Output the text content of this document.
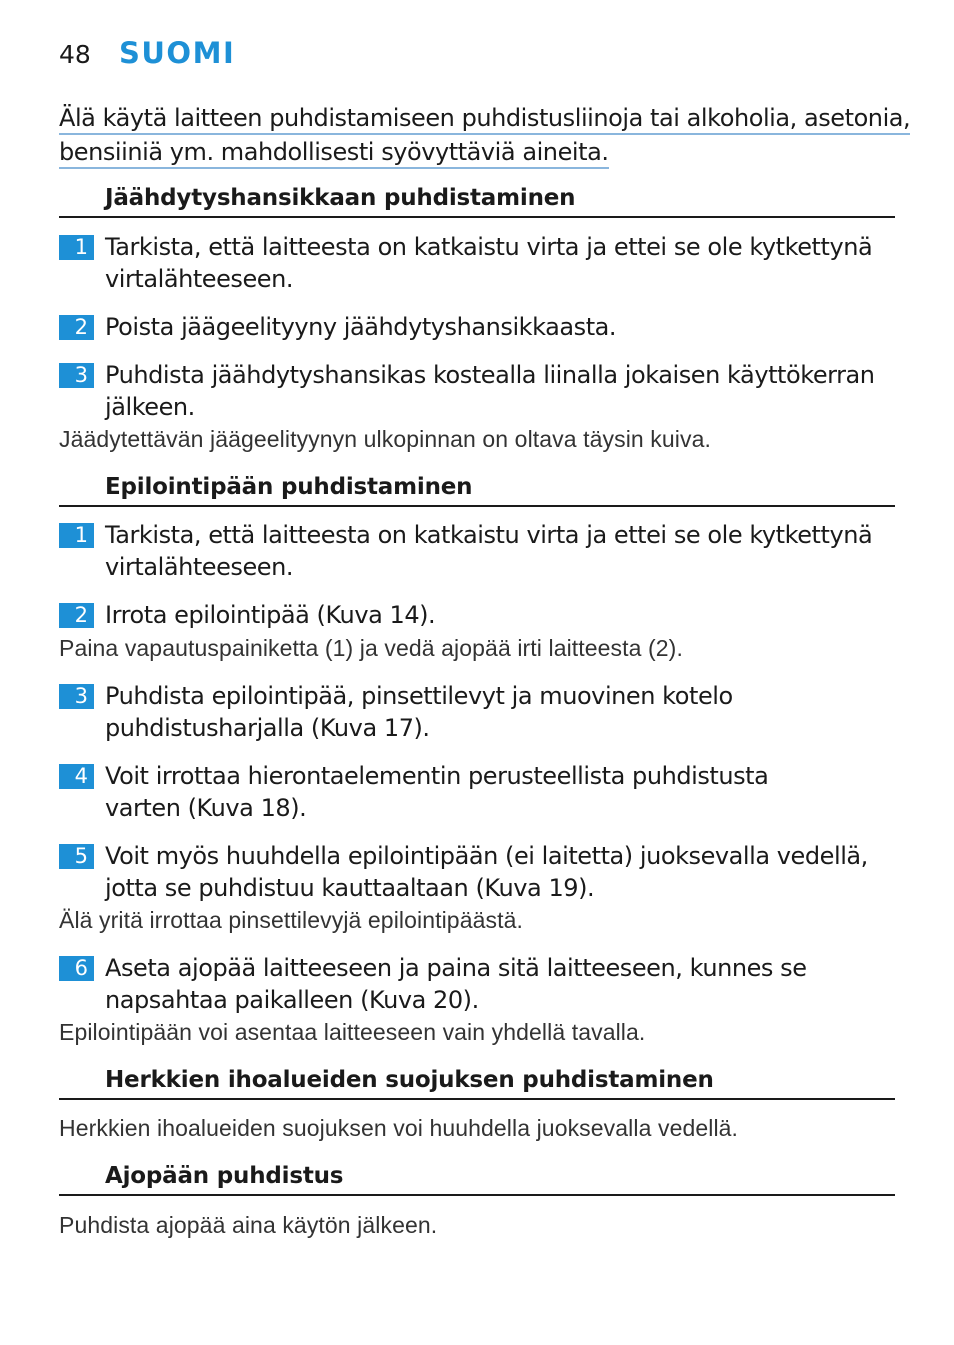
48 SUOMI
Älä käytä laitteen puhdistamiseen puhdistusliinoja tai alkoholia, asetonia,
bensiiniä ym. mahdollisesti syövyttäviä aineita.
Jäähdytyshansikkaan puhdistaminen
1 Tarkista, että laitteesta on katkaistu virta ja ettei se ole kytkettynä
virtalähteeseen.
2 Poista jäägeelityyny jäähdytyshansikkaasta.
3 Puhdista jäähdytyshansikas kostealla liinalla jokaisen käyttökerran
jälkeen.
Jäädytettävän jäägeelityynyn ulkopinnan on oltava täysin kuiva.
Epilointipään puhdistaminen
1 Tarkista, että laitteesta on katkaistu virta ja ettei se ole kytkettynä
virtalähteeseen.
2 Irrota epilointipää (Kuva 14).
Paina vapautuspainiketta (1) ja vedä ajopää irti laitteesta (2).
3 Puhdista epilointipää, pinsettilevyt ja muovinen kotelo
puhdistusharjalla (Kuva 17).
4 Voit irrottaa hierontaelementin perusteellista puhdistusta
varten (Kuva 18).
5 Voit myös huuhdella epilointipään (ei laitetta) juoksevalla vedellä,
jotta se puhdistuu kauttaaltaan (Kuva 19).
Älä yritä irrottaa pinsettilevyjä epilointipäästä.
6 Aseta ajopää laitteeseen ja paina sitä laitteeseen, kunnes se
napsahtaa paikalleen (Kuva 20).
Epilointipään voi asentaa laitteeseen vain yhdellä tavalla.
Herkkien ihoalueiden suojuksen puhdistaminen
Herkkien ihoalueiden suojuksen voi huuhdella juoksevalla vedellä.
Ajopään puhdistus
Puhdista ajopää aina käytön jälkeen.
